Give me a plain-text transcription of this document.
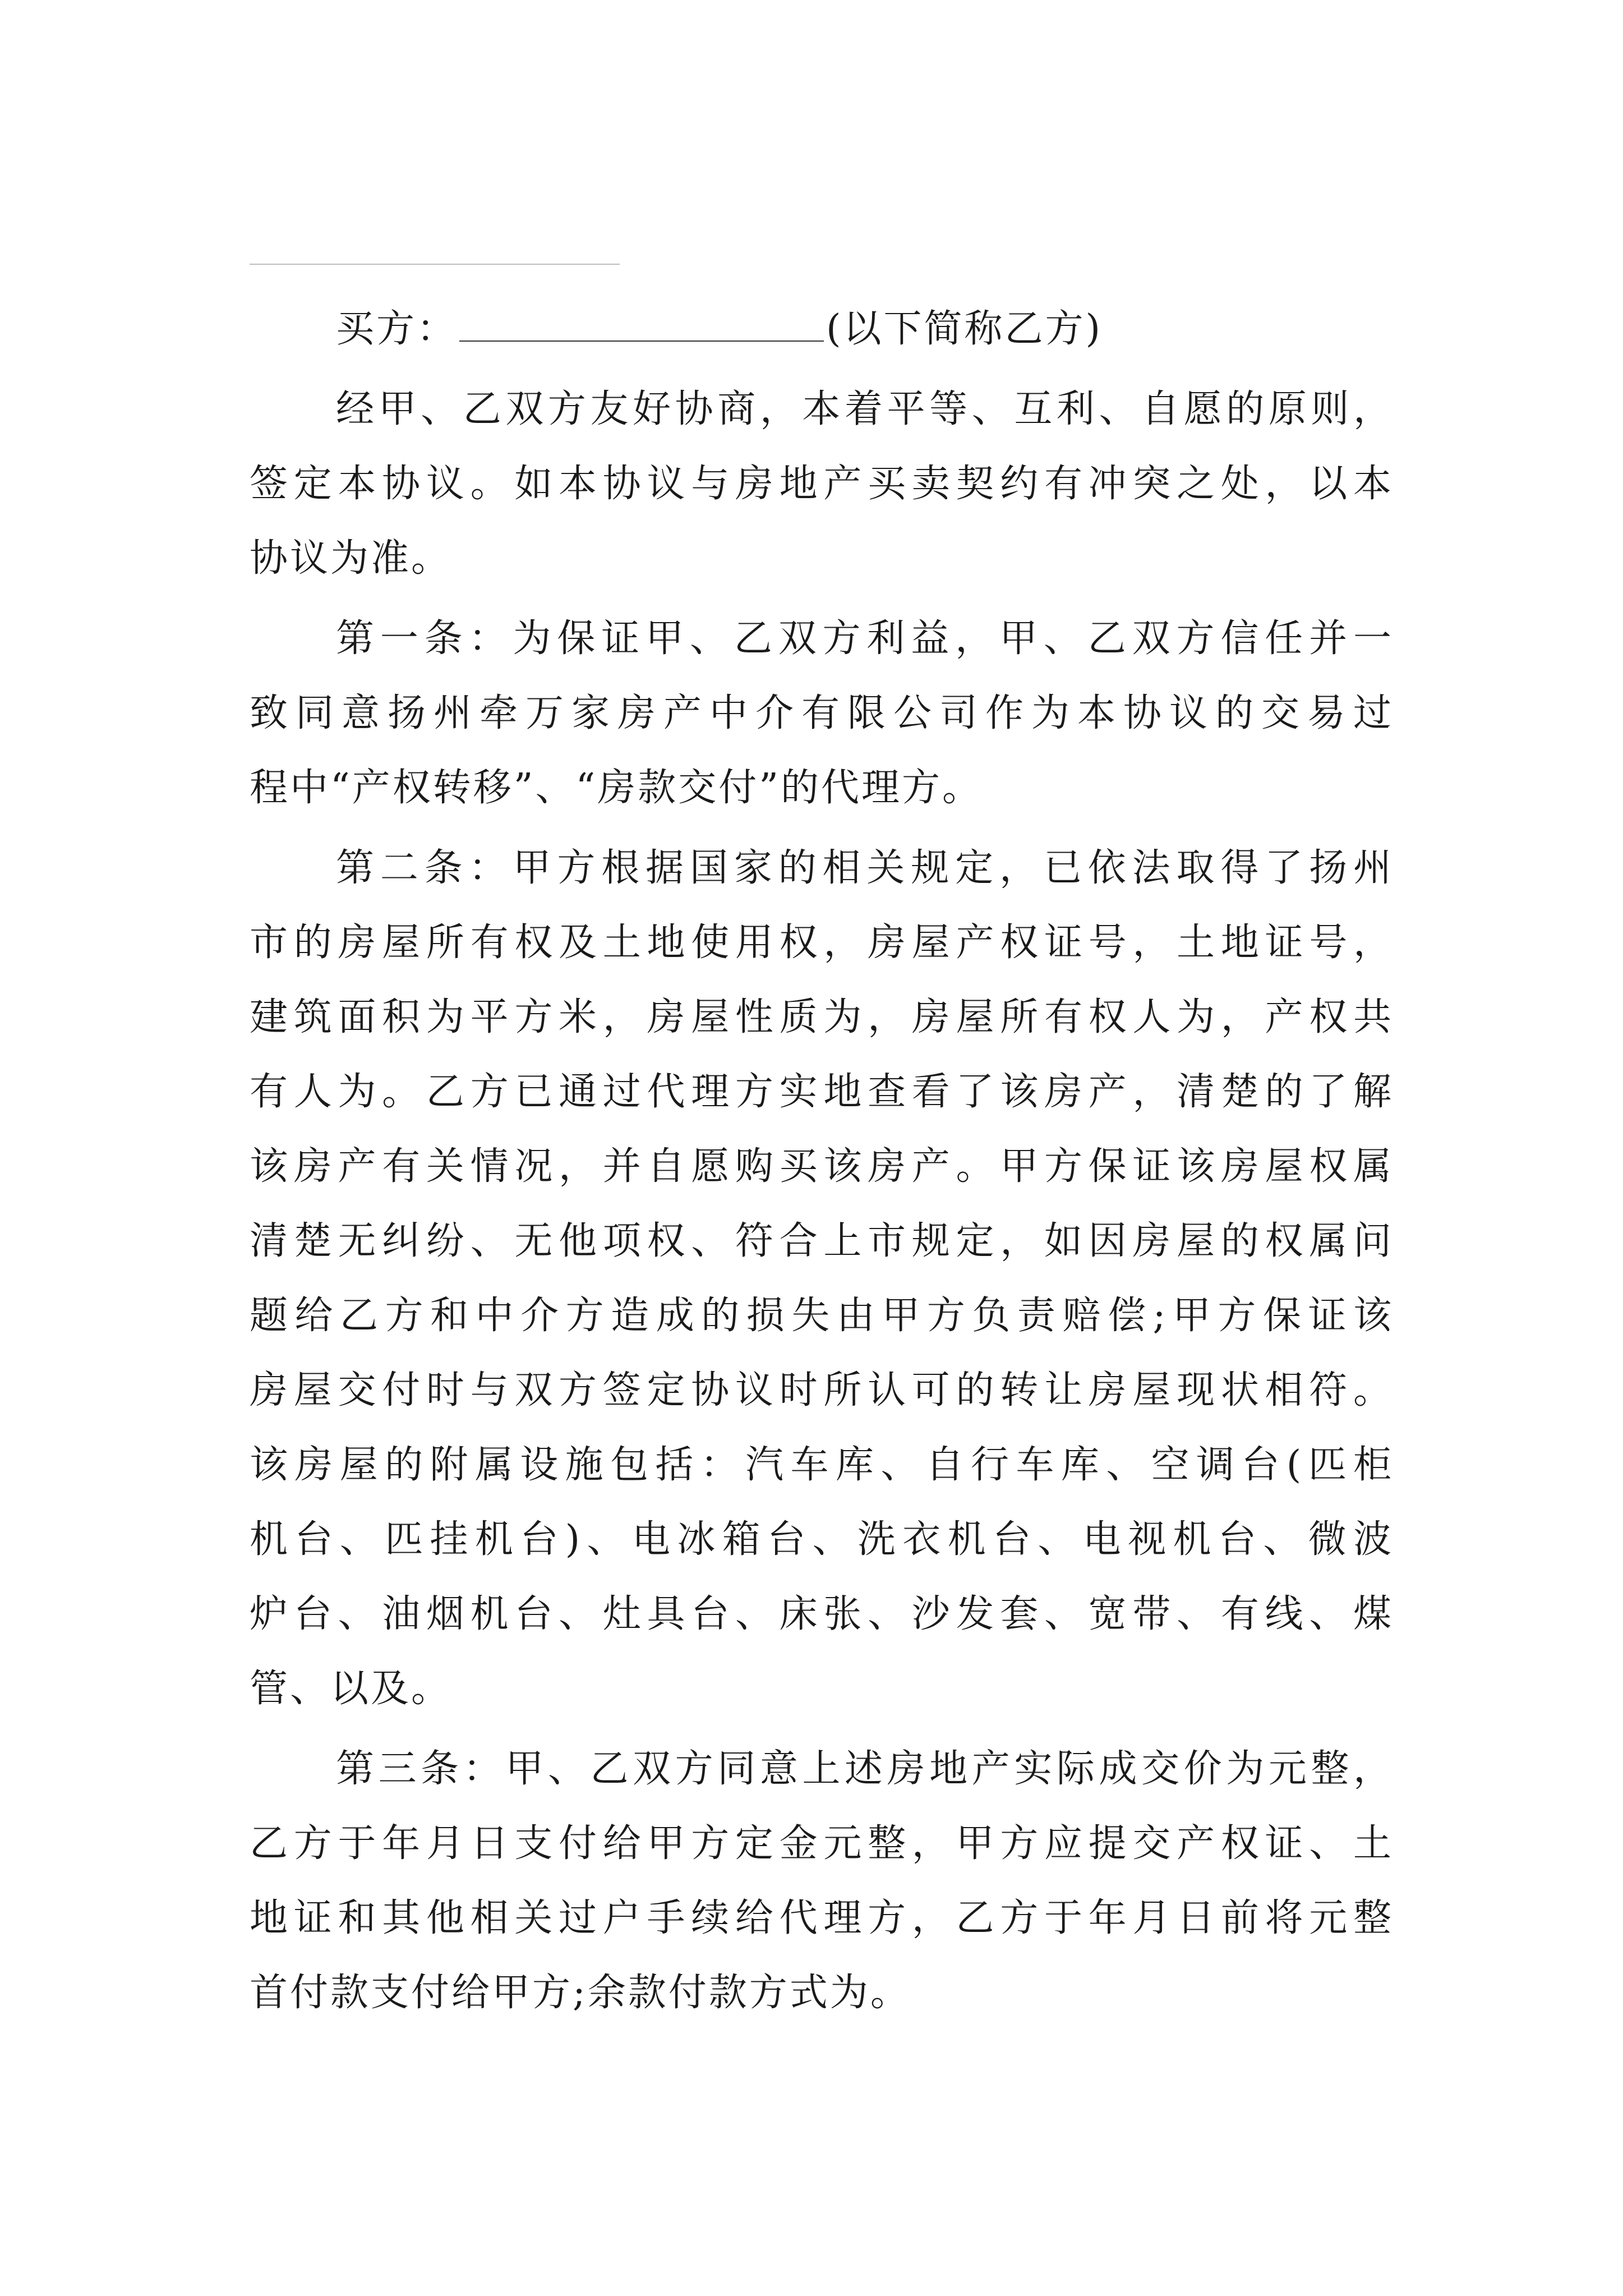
买方：	(以下简称乙方)
经甲、乙双方友好协商，本着平等、互利、自愿的原则，
签定本协议。如本协议与房地产买卖契约有冲突之处，以本
协议为准。
第一条：为保证甲、乙双方利益，甲、乙双方信任并一
致同意扬州牵万家房产中介有限公司作为本协议的交易过
程中“产权转移”、“房款交付”的代理方。
第二条：甲方根据国家的相关规定，已依法取得了扬州
市的房屋所有权及土地使用权，房屋产权证号，土地证号，
建筑面积为平方米，房屋性质为，房屋所有权人为，产权共
有人为。乙方已通过代理方实地查看了该房产，清楚的了解
该房产有关情况，并自愿购买该房产。甲方保证该房屋权属
清楚无纠纷、无他项权、符合上市规定，如因房屋的权属问
题给乙方和中介方造成的损失由甲方负责赔偿;甲方保证该
房屋交付时与双方签定协议时所认可的转让房屋现状相符。
该房屋的附属设施包括：汽车库、自行车库、空调台(匹柜
机台、匹挂机台)、电冰箱台、洗衣机台、电视机台、微波
炉台、油烟机台、灶具台、床张、沙发套、宽带、有线、煤
管、以及。
第三条：甲、乙双方同意上述房地产实际成交价为元整，
乙方于年月日支付给甲方定金元整，甲方应提交产权证、土
地证和其他相关过户手续给代理方，乙方于年月日前将元整
首付款支付给甲方;余款付款方式为。
